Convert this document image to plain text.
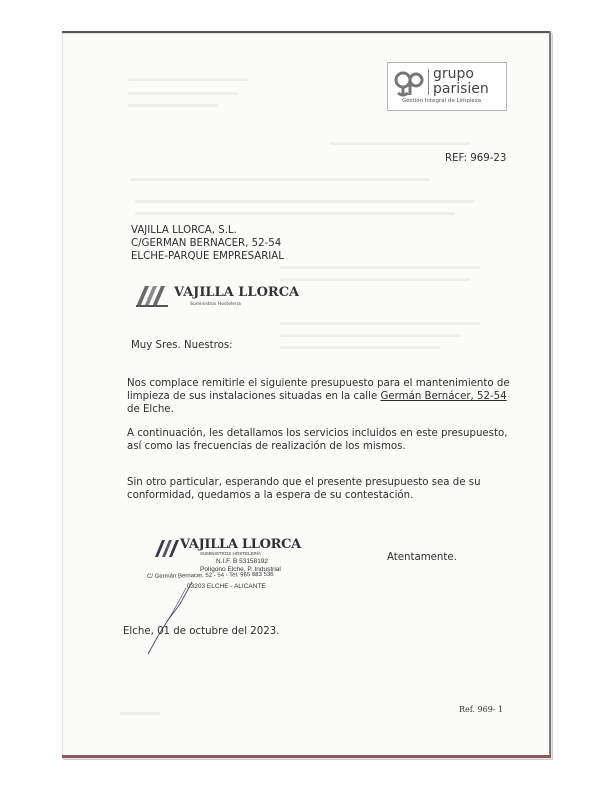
grupo
parisien
Gestión Integral de Limpieza
REF: 969-23
VAJILLA LLORCA, S.L.
C/GERMAN BERNACER, 52-54
ELCHE-PARQUE EMPRESARIAL
VAJILLA LLORCA
Suministros Hostelería
Muy Sres. Nuestros:
Nos complace remitirle el siguiente presupuesto para el mantenimiento de
limpieza de sus instalaciones situadas en la calle Germán Bernácer, 52-54
de Elche.
A continuación, les detallamos los servicios incluidos en este presupuesto,
así como las frecuencias de realización de los mismos.
Sin otro particular, esperando que el presente presupuesto sea de su
conformidad, quedamos a la espera de su contestación.
Atentamente.
VAJILLA LLORCA
SUMINISTROS HOSTELERÍA
N.I.F. B 53158192
Polígono Elche, P. Industrial
C/ Germán Bernacer, 52 - 54 - Tel. 965 683 536
03203 ELCHE - ALICANTE
Elche, 01 de octubre del 2023.
Ref. 969- 1
